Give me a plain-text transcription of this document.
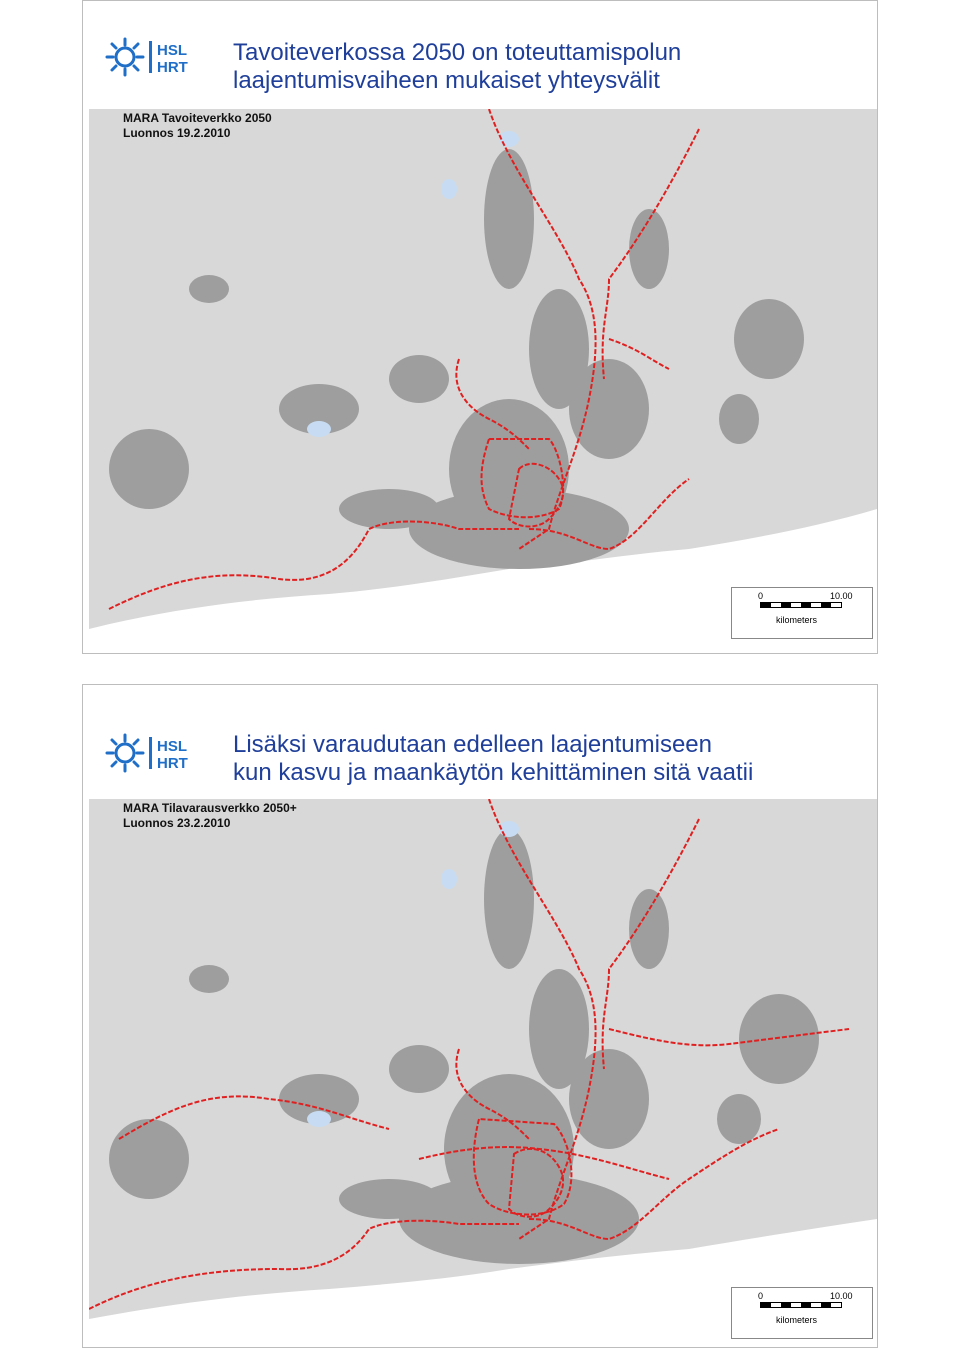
HSL
HRT
Tavoiteverkossa 2050 on toteuttamispolun
laajentumisvaiheen mukaiset yhteysvälit
MARA Tavoiteverkko 2050
Luonnos 19.2.2010
8.4.2010
0	10.00
kilometers
HSL
HRT
Lisäksi varaudutaan edelleen laajentumiseen
kun kasvu ja maankäytön kehittäminen sitä vaatii
MARA Tilavarausverkko 2050+
Luonnos 23.2.2010
0	10.00
kilometers
